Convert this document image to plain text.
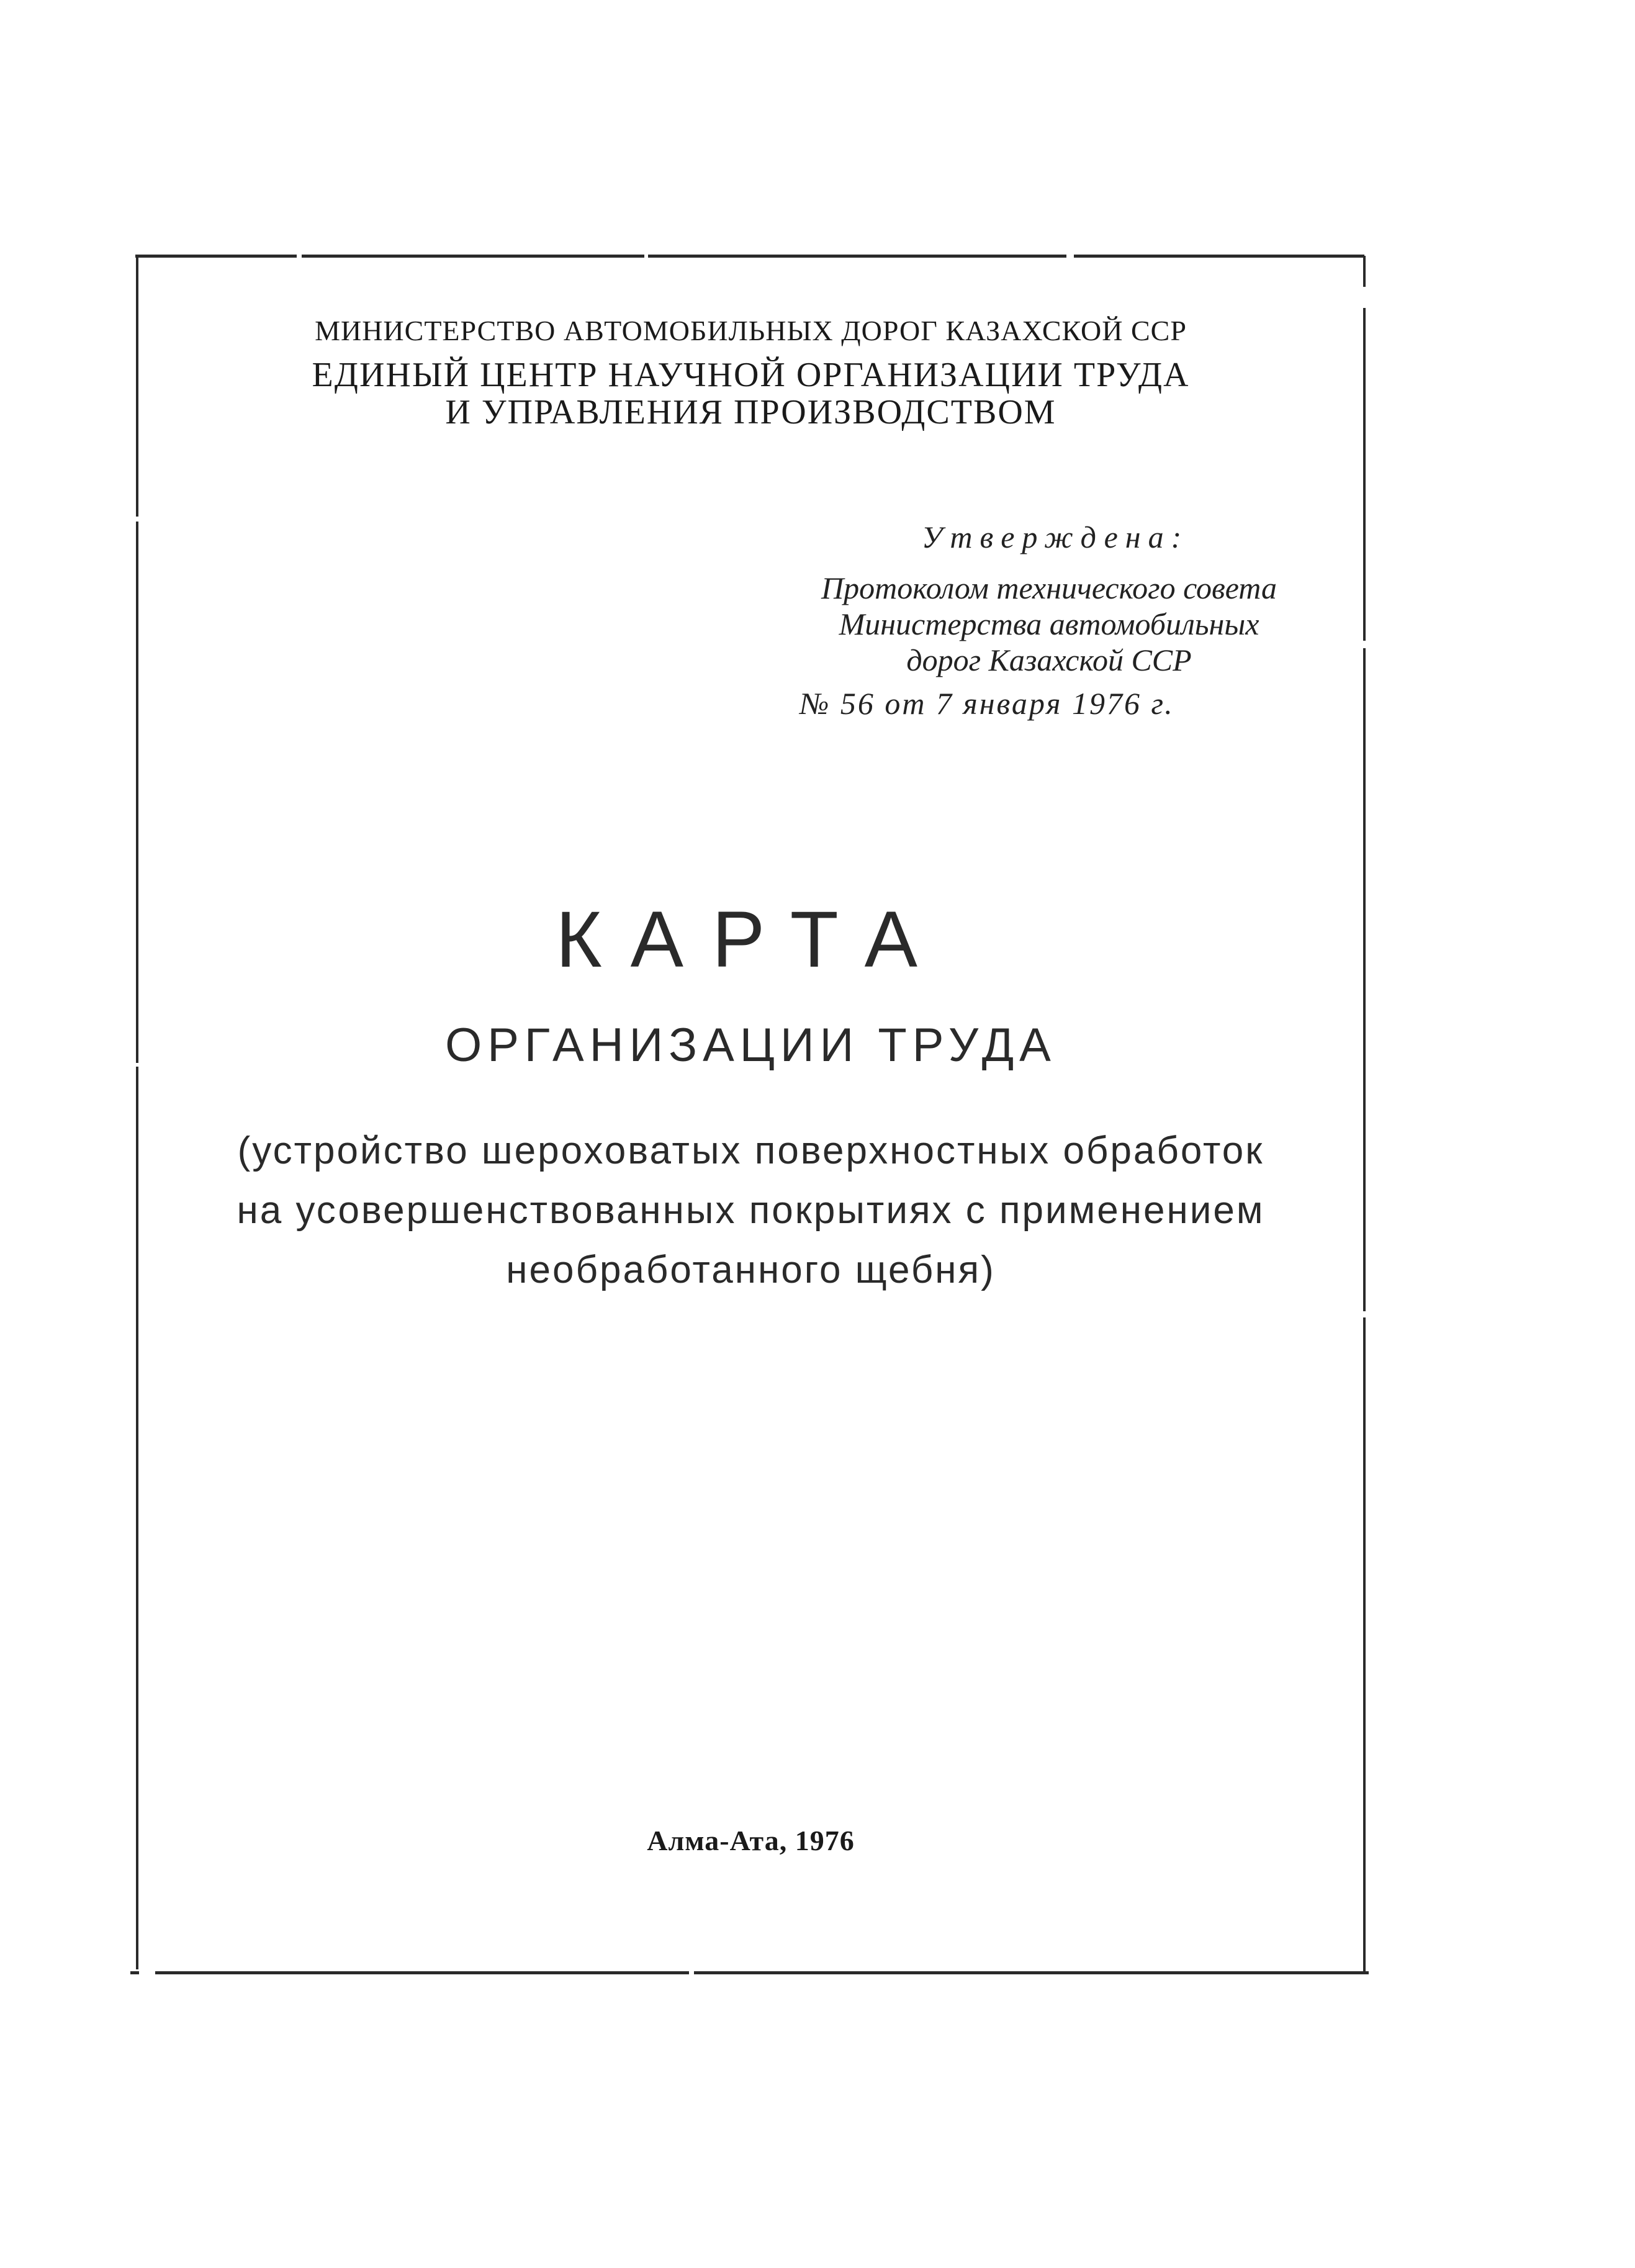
МИНИСТЕРСТВО АВТОМОБИЛЬНЫХ ДОРОГ КАЗАХСКОЙ ССР
ЕДИНЫЙ ЦЕНТР НАУЧНОЙ ОРГАНИЗАЦИИ ТРУДА
И УПРАВЛЕНИЯ ПРОИЗВОДСТВОМ
Утверждена:
Протоколом технического совета
Министерства автомобильных
дорог Казахской ССР
№ 56 от 7 января 1976 г.
КАРТА
ОРГАНИЗАЦИИ ТРУДА
(устройство шероховатых поверхностных обработок
на усовершенствованных покрытиях с применением
необработанного щебня)
Алма-Ата, 1976
